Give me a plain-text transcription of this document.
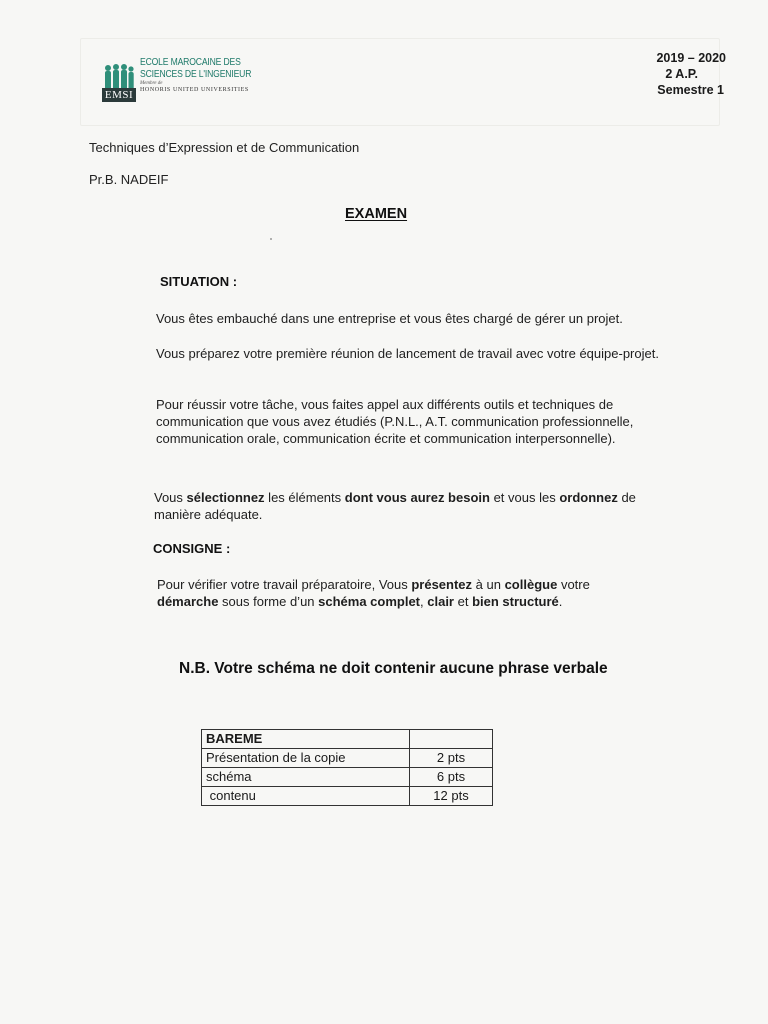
EMSI
ECOLE MAROCAINE DES
SCIENCES DE L'INGENIEUR
Membre de
HONORIS UNITED UNIVERSITIES
2019 – 2020
2 A.P.
Semestre 1
Techniques d’Expression et de Communication
Pr.B. NADEIF
EXAMEN
SITUATION :
Vous êtes embauché dans une entreprise et vous êtes chargé de gérer un projet.
Vous préparez votre première réunion de lancement de travail avec votre équipe-projet.
Pour réussir votre tâche, vous faites appel aux différents outils et techniques de communication que vous avez étudiés (P.N.L., A.T. communication professionnelle, communication orale, communication écrite et communication interpersonnelle).
Vous sélectionnez les éléments dont vous aurez besoin et vous les ordonnez de manière adéquate.
CONSIGNE :
Pour vérifier votre travail préparatoire, Vous présentez à un collègue votre démarche sous forme d’un schéma complet, clair et bien structuré.
N.B. Votre schéma ne doit contenir aucune phrase verbale
BAREME	
Présentation de la copie	2 pts
schéma	6 pts
contenu	12 pts
